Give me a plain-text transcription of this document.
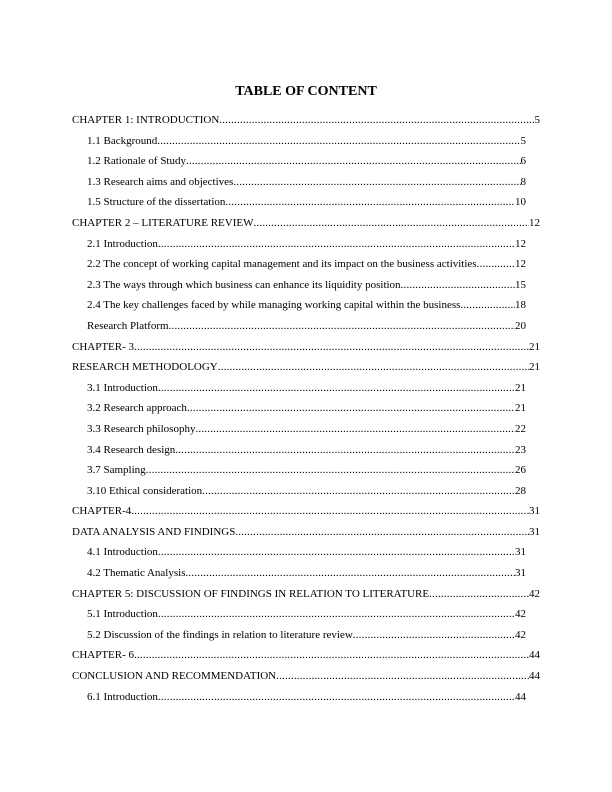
TABLE OF CONTENT
CHAPTER 1: INTRODUCTION .....	5
1.1 Background .....	5
1.2 Rationale of Study .....	6
1.3 Research aims and objectives .....	8
1.5 Structure of the dissertation .....	10
CHAPTER 2 – LITERATURE REVIEW .....	12
2.1 Introduction .....	12
2.2 The concept of working capital management and its impact on the business activities .....	12
2.3 The ways through which business can enhance its liquidity position .....	15
2.4 The key challenges faced by while managing working capital within the business .....	18
Research Platform .....	20
CHAPTER- 3 .....	21
RESEARCH METHODOLOGY .....	21
3.1 Introduction .....	21
3.2 Research approach .....	21
3.3 Research philosophy .....	22
3.4 Research design .....	23
3.7 Sampling .....	26
3.10 Ethical consideration .....	28
CHAPTER-4 .....	31
DATA ANALYSIS AND FINDINGS .....	31
4.1 Introduction .....	31
4.2 Thematic Analysis .....	31
CHAPTER 5: DISCUSSION OF FINDINGS IN RELATION TO LITERATURE .....	42
5.1 Introduction .....	42
5.2 Discussion of the findings in relation to literature review .....	42
CHAPTER- 6 .....	44
CONCLUSION AND RECOMMENDATION .....	44
6.1 Introduction .....	44
